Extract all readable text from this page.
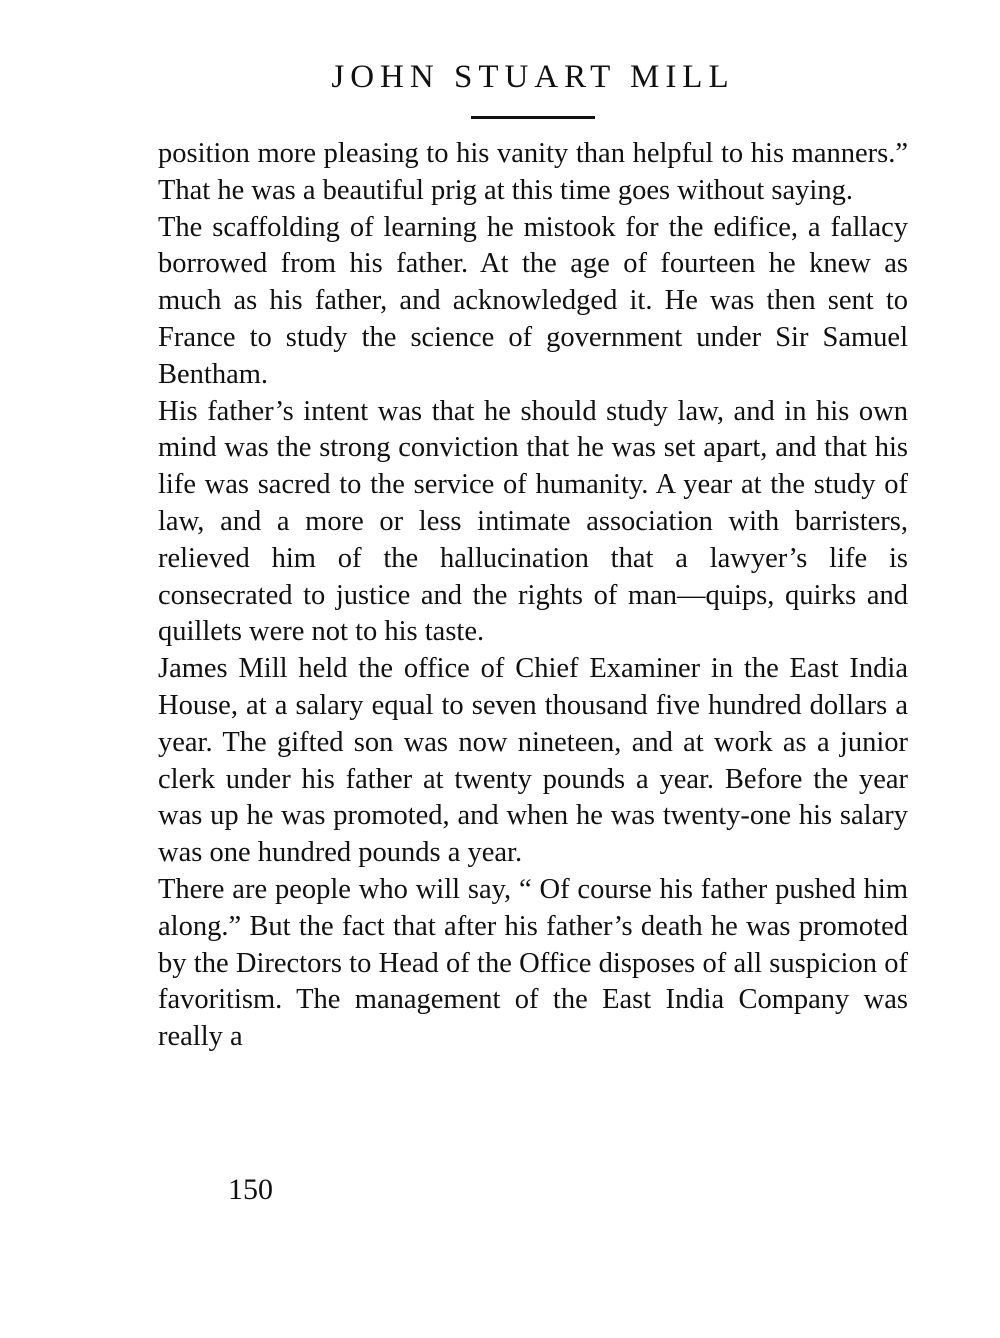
JOHN STUART MILL

position more pleasing to his vanity than helpful to his manners.” That he was a beautiful prig at this time goes without saying.

The scaffolding of learning he mistook for the edifice, a fallacy borrowed from his father. At the age of fourteen he knew as much as his father, and acknowledged it. He was then sent to France to study the science of government under Sir Samuel Bentham.

His father’s intent was that he should study law, and in his own mind was the strong conviction that he was set apart, and that his life was sacred to the service of humanity. A year at the study of law, and a more or less intimate association with barristers, relieved him of the hallucination that a lawyer’s life is consecrated to justice and the rights of man—quips, quirks and quillets were not to his taste.

James Mill held the office of Chief Examiner in the East India House, at a salary equal to seven thousand five hundred dollars a year. The gifted son was now nineteen, and at work as a junior clerk under his father at twenty pounds a year. Before the year was up he was promoted, and when he was twenty-one his salary was one hundred pounds a year.

There are people who will say, “ Of course his father pushed him along.” But the fact that after his father’s death he was promoted by the Directors to Head of the Office disposes of all suspicion of favoritism. The management of the East India Company was really a

150
